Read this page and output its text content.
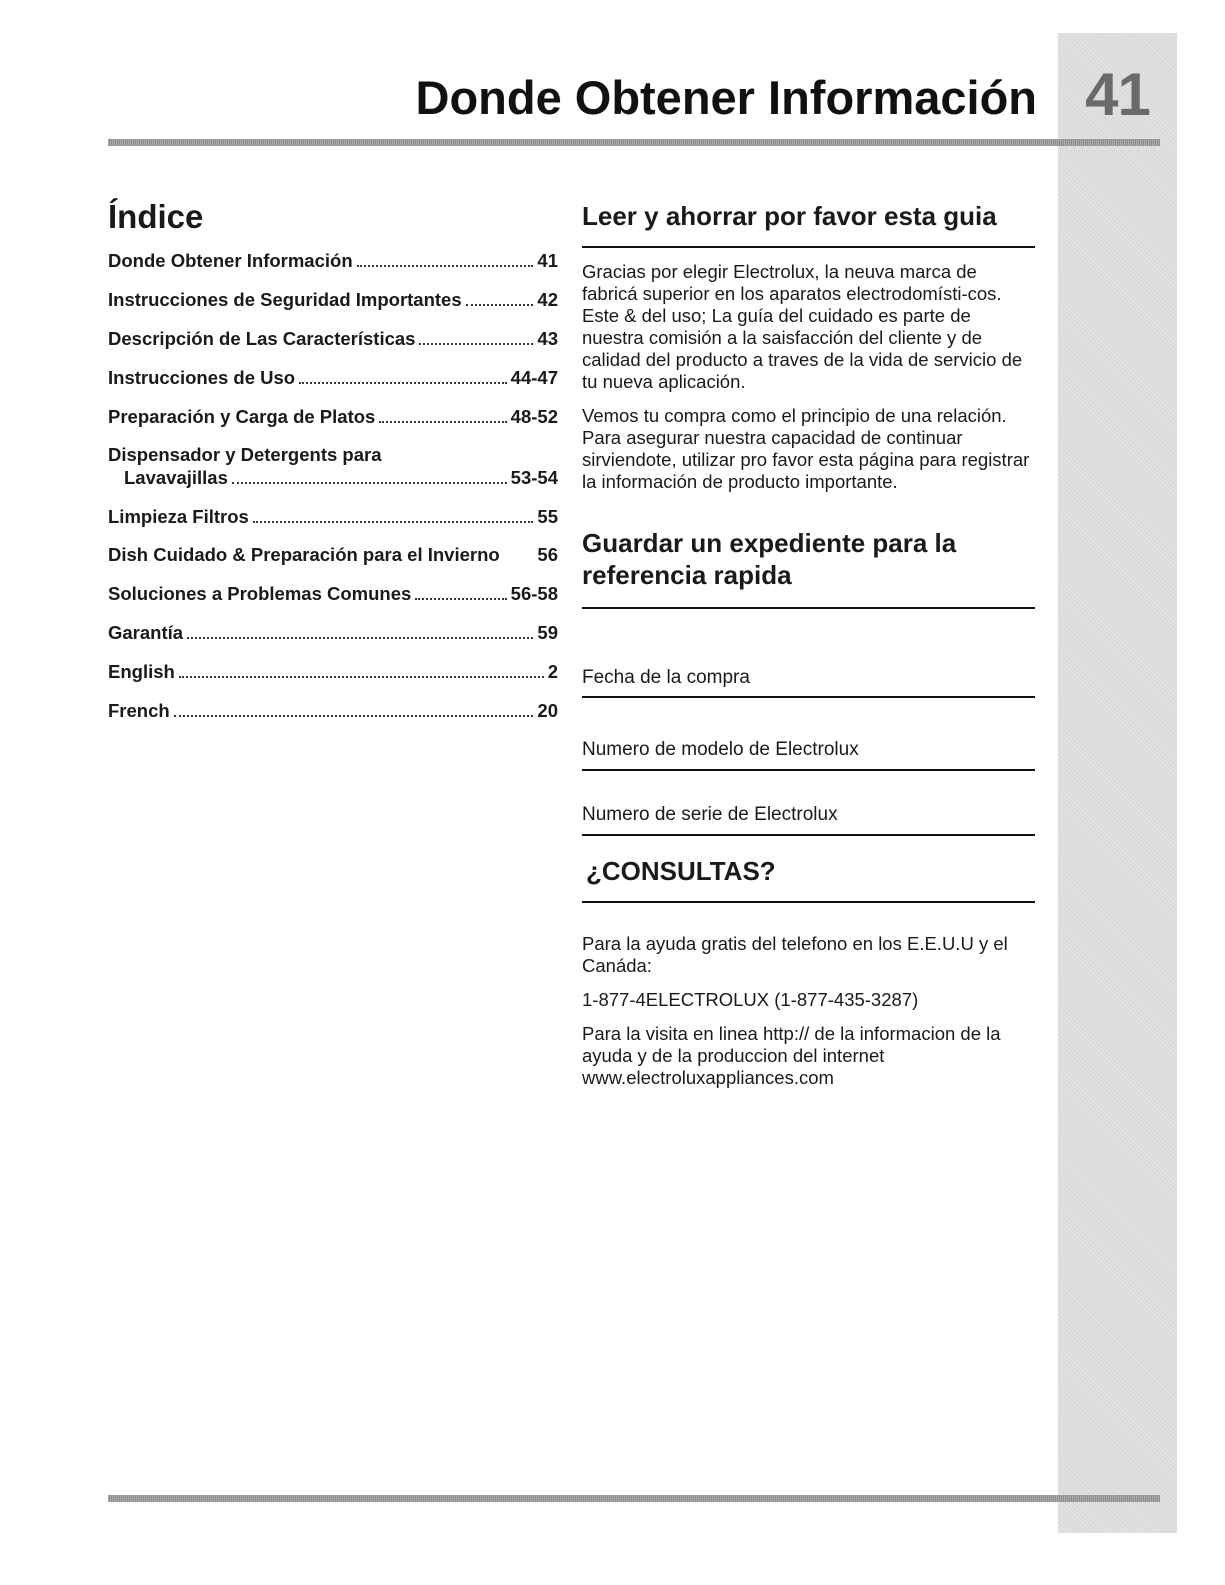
41
Donde Obtener Información
Índice
Donde Obtener Información	41
Instrucciones de Seguridad Importantes	42
Descripción de Las Características	43
Instrucciones de Uso	44-47
Preparación y Carga de Platos	48-52
Dispensador y Detergents para
Lavavajillas	53-54
Limpieza Filtros	55
Dish Cuidado & Preparación para el Invierno 56
Soluciones a Problemas Comunes	56-58
Garantía	59
English	2
French	20
Leer y ahorrar por favor esta guia

Gracias por elegir Electrolux, la neuva marca de fabricá superior en los aparatos electrodomísti-cos. Este & del uso; La guía del cuidado es parte de nuestra comisión a la saisfacción del cliente y de calidad del producto a traves de la vida de servicio de tu nueva aplicación.

Vemos tu compra como el principio de una relación. Para asegurar nuestra capacidad de continuar sirviendote, utilizar pro favor esta página para registrar la información de producto importante.

Guardar un expediente para la referencia rapida
Fecha de la compra
Numero de modelo de Electrolux
Numero de serie de Electrolux
¿CONSULTAS?

Para la ayuda gratis del telefono en los E.E.U.U y el Canáda:

1-877-4ELECTROLUX (1-877-435-3287)

Para la visita en linea http:// de la informacion de la ayuda y de la produccion del internet www.electroluxappliances.com
